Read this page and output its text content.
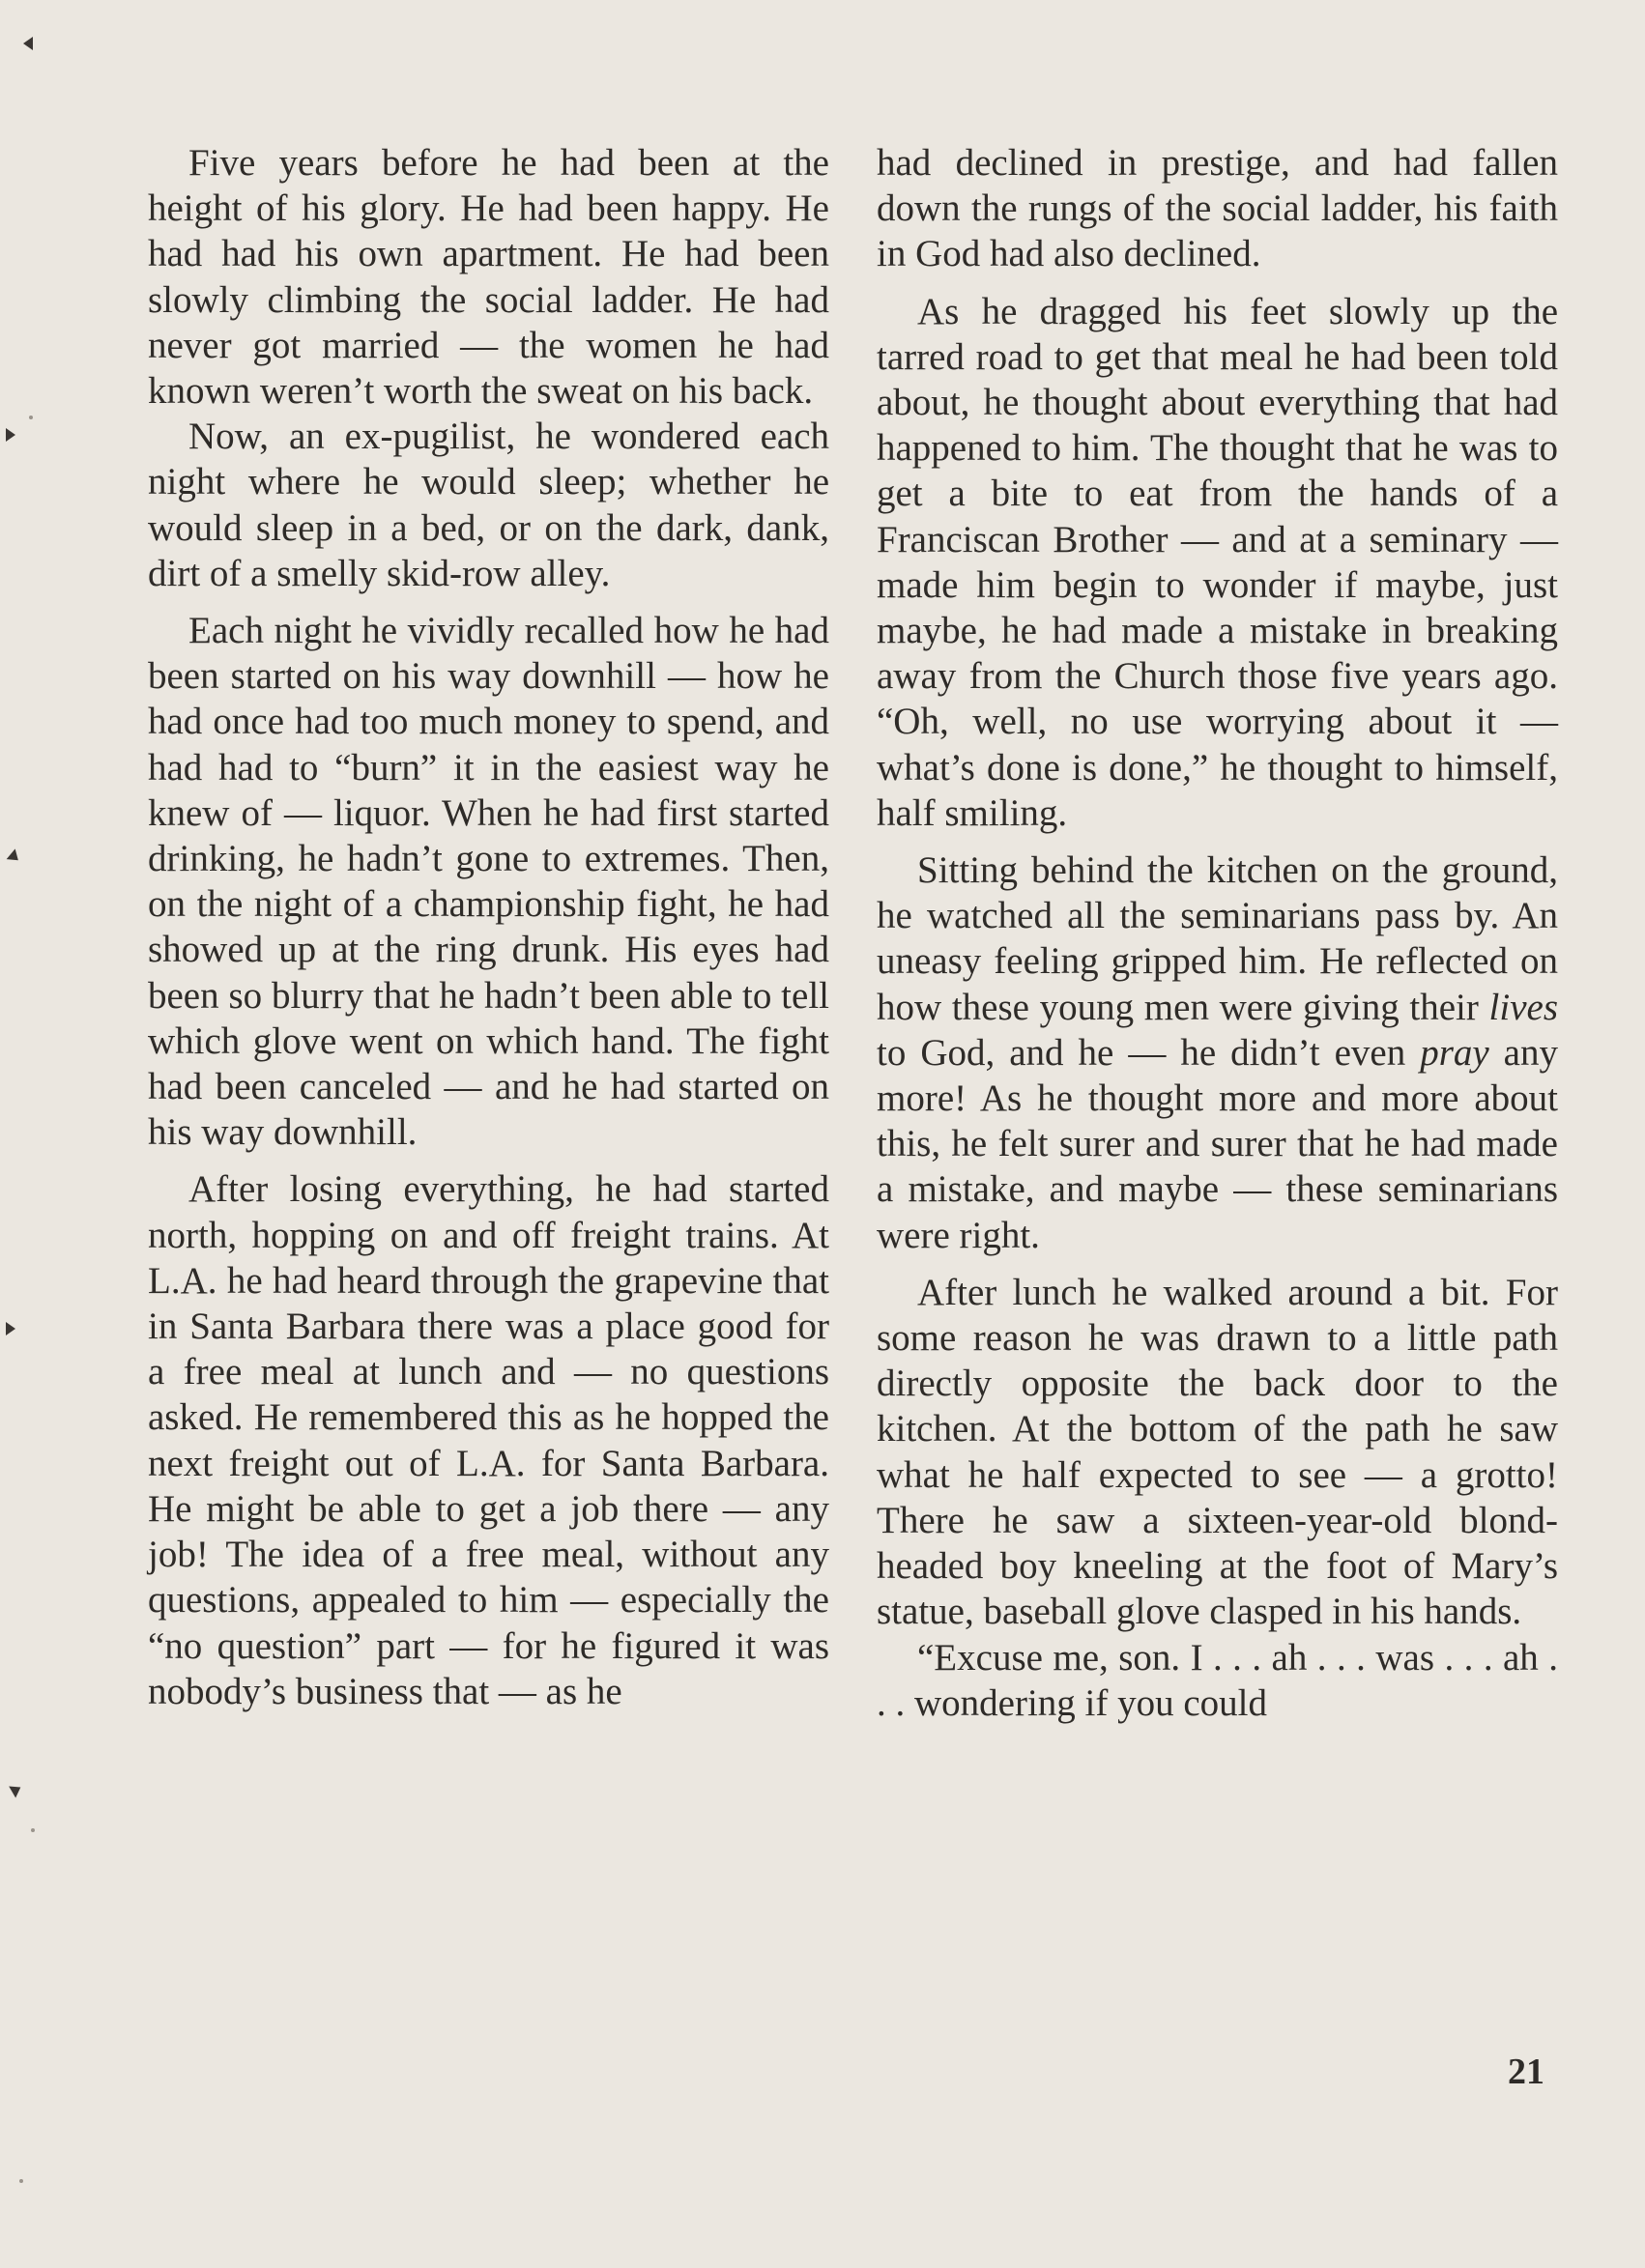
Five years before he had been at the height of his glory. He had been happy. He had had his own apartment. He had been slowly climbing the social ladder. He had never got married — the women he had known weren’t worth the sweat on his back.

Now, an ex-pugilist, he wondered each night where he would sleep; whether he would sleep in a bed, or on the dark, dank, dirt of a smelly skid-row alley.

Each night he vividly recalled how he had been started on his way downhill — how he had once had too much money to spend, and had had to “burn” it in the easiest way he knew of — liquor. When he had first started drinking, he hadn’t gone to extremes. Then, on the night of a championship fight, he had showed up at the ring drunk. His eyes had been so blurry that he hadn’t been able to tell which glove went on which hand. The fight had been canceled — and he had started on his way downhill.

After losing everything, he had started north, hopping on and off freight trains. At L.A. he had heard through the grapevine that in Santa Barbara there was a place good for a free meal at lunch and — no questions asked. He remembered this as he hopped the next freight out of L.A. for Santa Barbara. He might be able to get a job there — any job! The idea of a free meal, without any questions, appealed to him — especially the “no question” part — for he figured it was nobody’s business that — as he

had declined in prestige, and had fallen down the rungs of the social ladder, his faith in God had also declined.

As he dragged his feet slowly up the tarred road to get that meal he had been told about, he thought about everything that had happened to him. The thought that he was to get a bite to eat from the hands of a Franciscan Brother — and at a seminary — made him begin to wonder if maybe, just maybe, he had made a mistake in breaking away from the Church those five years ago. “Oh, well, no use worrying about it — what’s done is done,” he thought to himself, half smiling.

Sitting behind the kitchen on the ground, he watched all the seminarians pass by. An uneasy feeling gripped him. He reflected on how these young men were giving their lives to God, and he — he didn’t even pray any more! As he thought more and more about this, he felt surer and surer that he had made a mistake, and maybe — these seminarians were right.

After lunch he walked around a bit. For some reason he was drawn to a little path directly opposite the back door to the kitchen. At the bottom of the path he saw what he half expected to see — a grotto! There he saw a sixteen-year-old blond-headed boy kneeling at the foot of Mary’s statue, baseball glove clasped in his hands.

“Excuse me, son. I . . . ah . . . was . . . ah . . . wondering if you could

21
